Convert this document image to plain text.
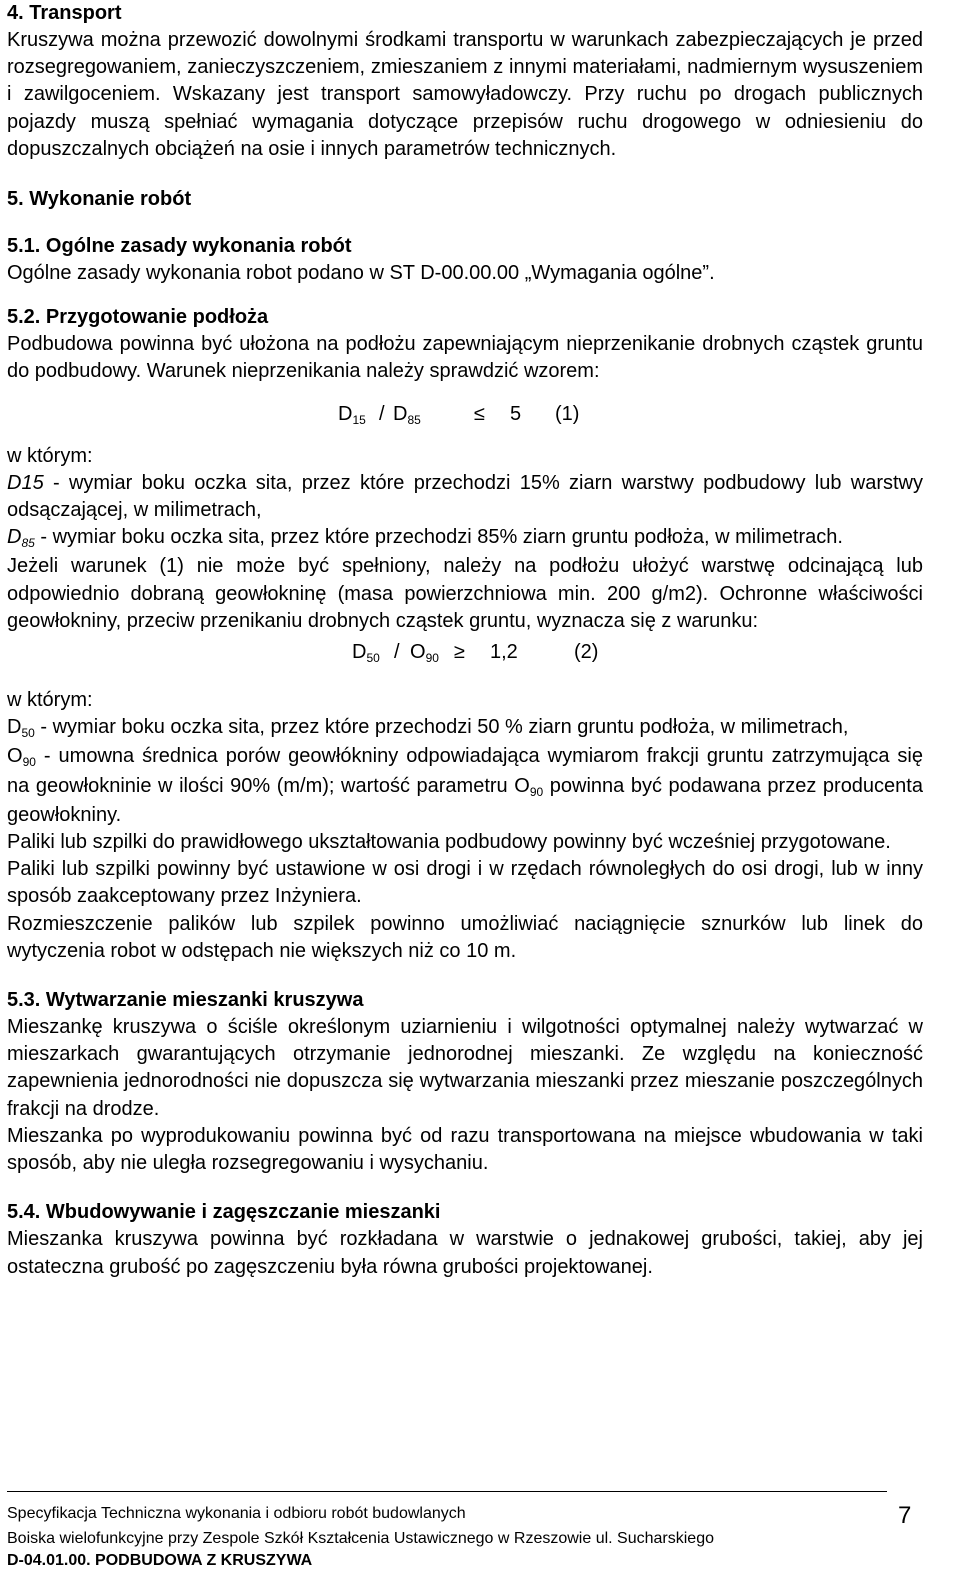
4. Transport

Kruszywa można przewozić dowolnymi środkami transportu w warunkach zabezpieczających je przed rozsegregowaniem, zanieczyszczeniem, zmieszaniem z innymi materiałami, nadmiernym wysuszeniem i zawilgoceniem. Wskazany jest transport samowyładowczy. Przy ruchu po drogach publicznych pojazdy muszą spełniać wymagania dotyczące przepisów ruchu drogowego w odniesieniu do dopuszczalnych obciążeń na osie i innych parametrów technicznych.

5. Wykonanie robót
5.1. Ogólne zasady wykonania robót

Ogólne zasady wykonania robot podano w ST D-00.00.00 „Wymagania ogólne”.

5.2. Przygotowanie podłoża

Podbudowa powinna być ułożona na podłożu zapewniającym nieprzenikanie drobnych cząstek gruntu do podbudowy. Warunek nieprzenikania należy sprawdzić wzorem:

$D_{15} / D_{85}$	≤ 5 (1)

w którym:

D15 - wymiar boku oczka sita, przez które przechodzi 15% ziarn warstwy podbudowy lub warstwy odsączającej, w milimetrach,

$D_{85}$ - wymiar boku oczka sita, przez które przechodzi 85% ziarn gruntu podłoża, w milimetrach.

Jeżeli warunek (1) nie może być spełniony, należy na podłożu ułożyć warstwę odcinającą lub odpowiednio dobraną geowłokninę (masa powierzchniowa min. 200 g/m2). Ochronne właściwości geowłokniny, przeciw przenikaniu drobnych cząstek gruntu, wyznacza się z warunku:

$D_{50} / O_{90} \ge 1,2$	(2)

w którym:

$D_{50}$ - wymiar boku oczka sita, przez które przechodzi 50 % ziarn gruntu podłoża, w milimetrach,

$O_{90}$ - umowna średnica porów geowłókniny odpowiadająca wymiarom frakcji gruntu zatrzymująca się na geowłokninie w ilości 90% (m/m); wartość parametru $O_{90}$ powinna być podawana przez producenta geowłokniny.

Paliki lub szpilki do prawidłowego ukształtowania podbudowy powinny być wcześniej przygotowane.

Paliki lub szpilki powinny być ustawione w osi drogi i w rzędach równoległych do osi drogi, lub w inny sposób zaakceptowany przez Inżyniera.

Rozmieszczenie palików lub szpilek powinno umożliwiać naciągnięcie sznurków lub linek do wytyczenia robot w odstępach nie większych niż co 10 m.

5.3. Wytwarzanie mieszanki kruszywa

Mieszankę kruszywa o ściśle określonym uziarnieniu i wilgotności optymalnej należy wytwarzać w mieszarkach gwarantujących otrzymanie jednorodnej mieszanki. Ze względu na konieczność zapewnienia jednorodności nie dopuszcza się wytwarzania mieszanki przez mieszanie poszczególnych frakcji na drodze.

Mieszanka po wyprodukowaniu powinna być od razu transportowana na miejsce wbudowania w taki sposób, aby nie uległa rozsegregowaniu i wysychaniu.

5.4. Wbudowywanie i zagęszczanie mieszanki

Mieszanka kruszywa powinna być rozkładana w warstwie o jednakowej grubości, takiej, aby jej ostateczna grubość po zagęszczeniu była równa grubości projektowanej.

Specyfikacja Techniczna wykonania i odbioru robót budowlanych
Boiska wielofunkcyjne przy Zespole Szkół Kształcenia Ustawicznego w Rzeszowie ul. Sucharskiego
D-04.01.00. PODBUDOWA Z KRUSZYWA
7
